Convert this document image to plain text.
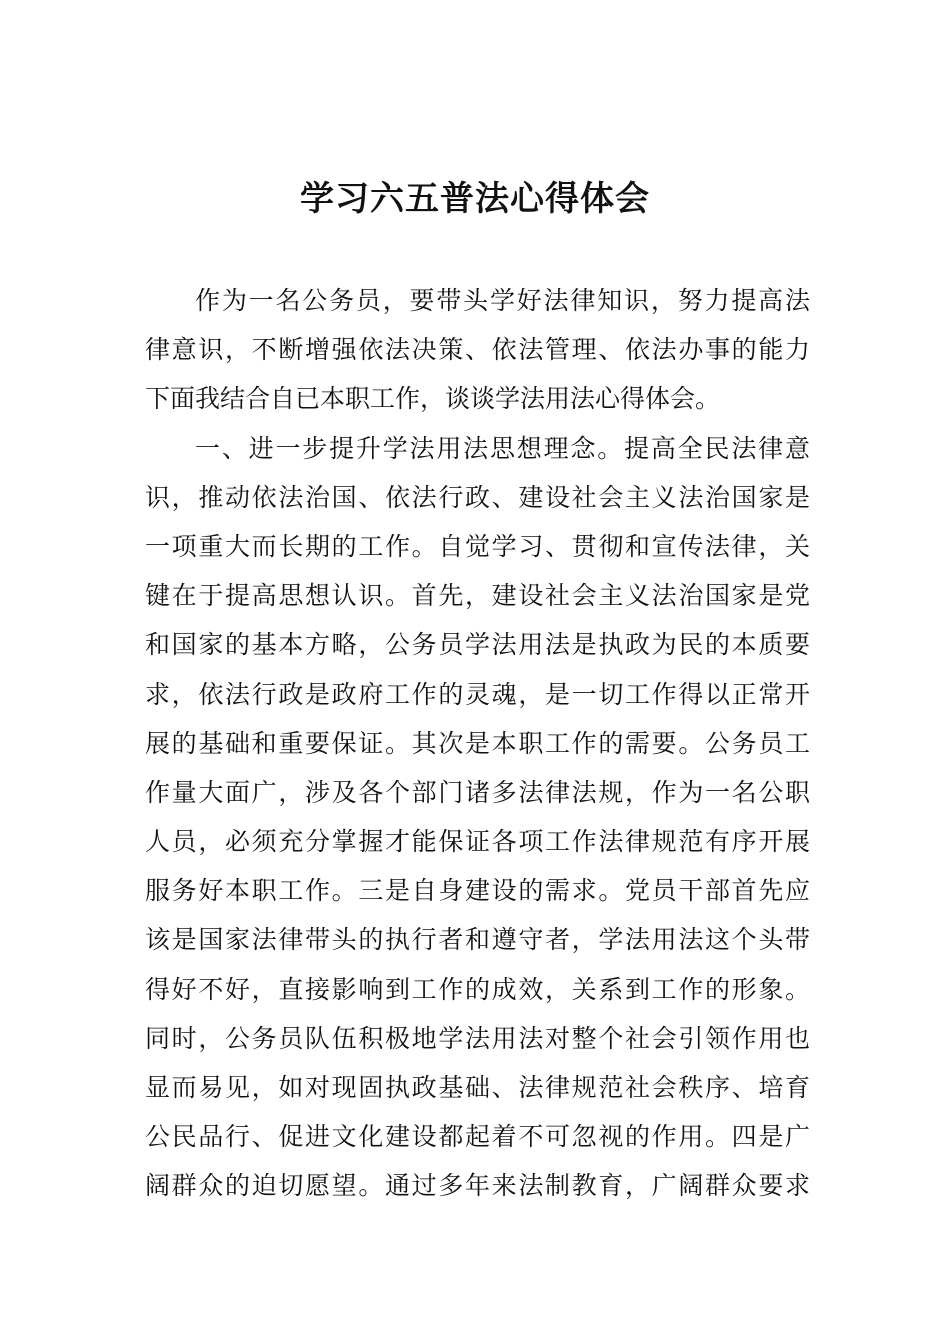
学习六五普法心得体会
作为一名公务员，要带头学好法律知识，努力提高法
律意识，不断增强依法决策、依法管理、依法办事的能力
下面我结合自已本职工作，谈谈学法用法心得体会。
一、进一步提升学法用法思想理念。提高全民法律意
识，推动依法治国、依法行政、建设社会主义法治国家是
一项重大而长期的工作。自觉学习、贯彻和宣传法律，关
键在于提高思想认识。首先，建设社会主义法治国家是党
和国家的基本方略，公务员学法用法是执政为民的本质要
求，依法行政是政府工作的灵魂，是一切工作得以正常开
展的基础和重要保证。其次是本职工作的需要。公务员工
作量大面广，涉及各个部门诸多法律法规，作为一名公职
人员，必须充分掌握才能保证各项工作法律规范有序开展
服务好本职工作。三是自身建设的需求。党员干部首先应
该是国家法律带头的执行者和遵守者，学法用法这个头带
得好不好，直接影响到工作的成效，关系到工作的形象。
同时，公务员队伍积极地学法用法对整个社会引领作用也
显而易见，如对现固执政基础、法律规范社会秩序、培育
公民品行、促进文化建设都起着不可忽视的作用。四是广
阔群众的迫切愿望。通过多年来法制教育，广阔群众要求
